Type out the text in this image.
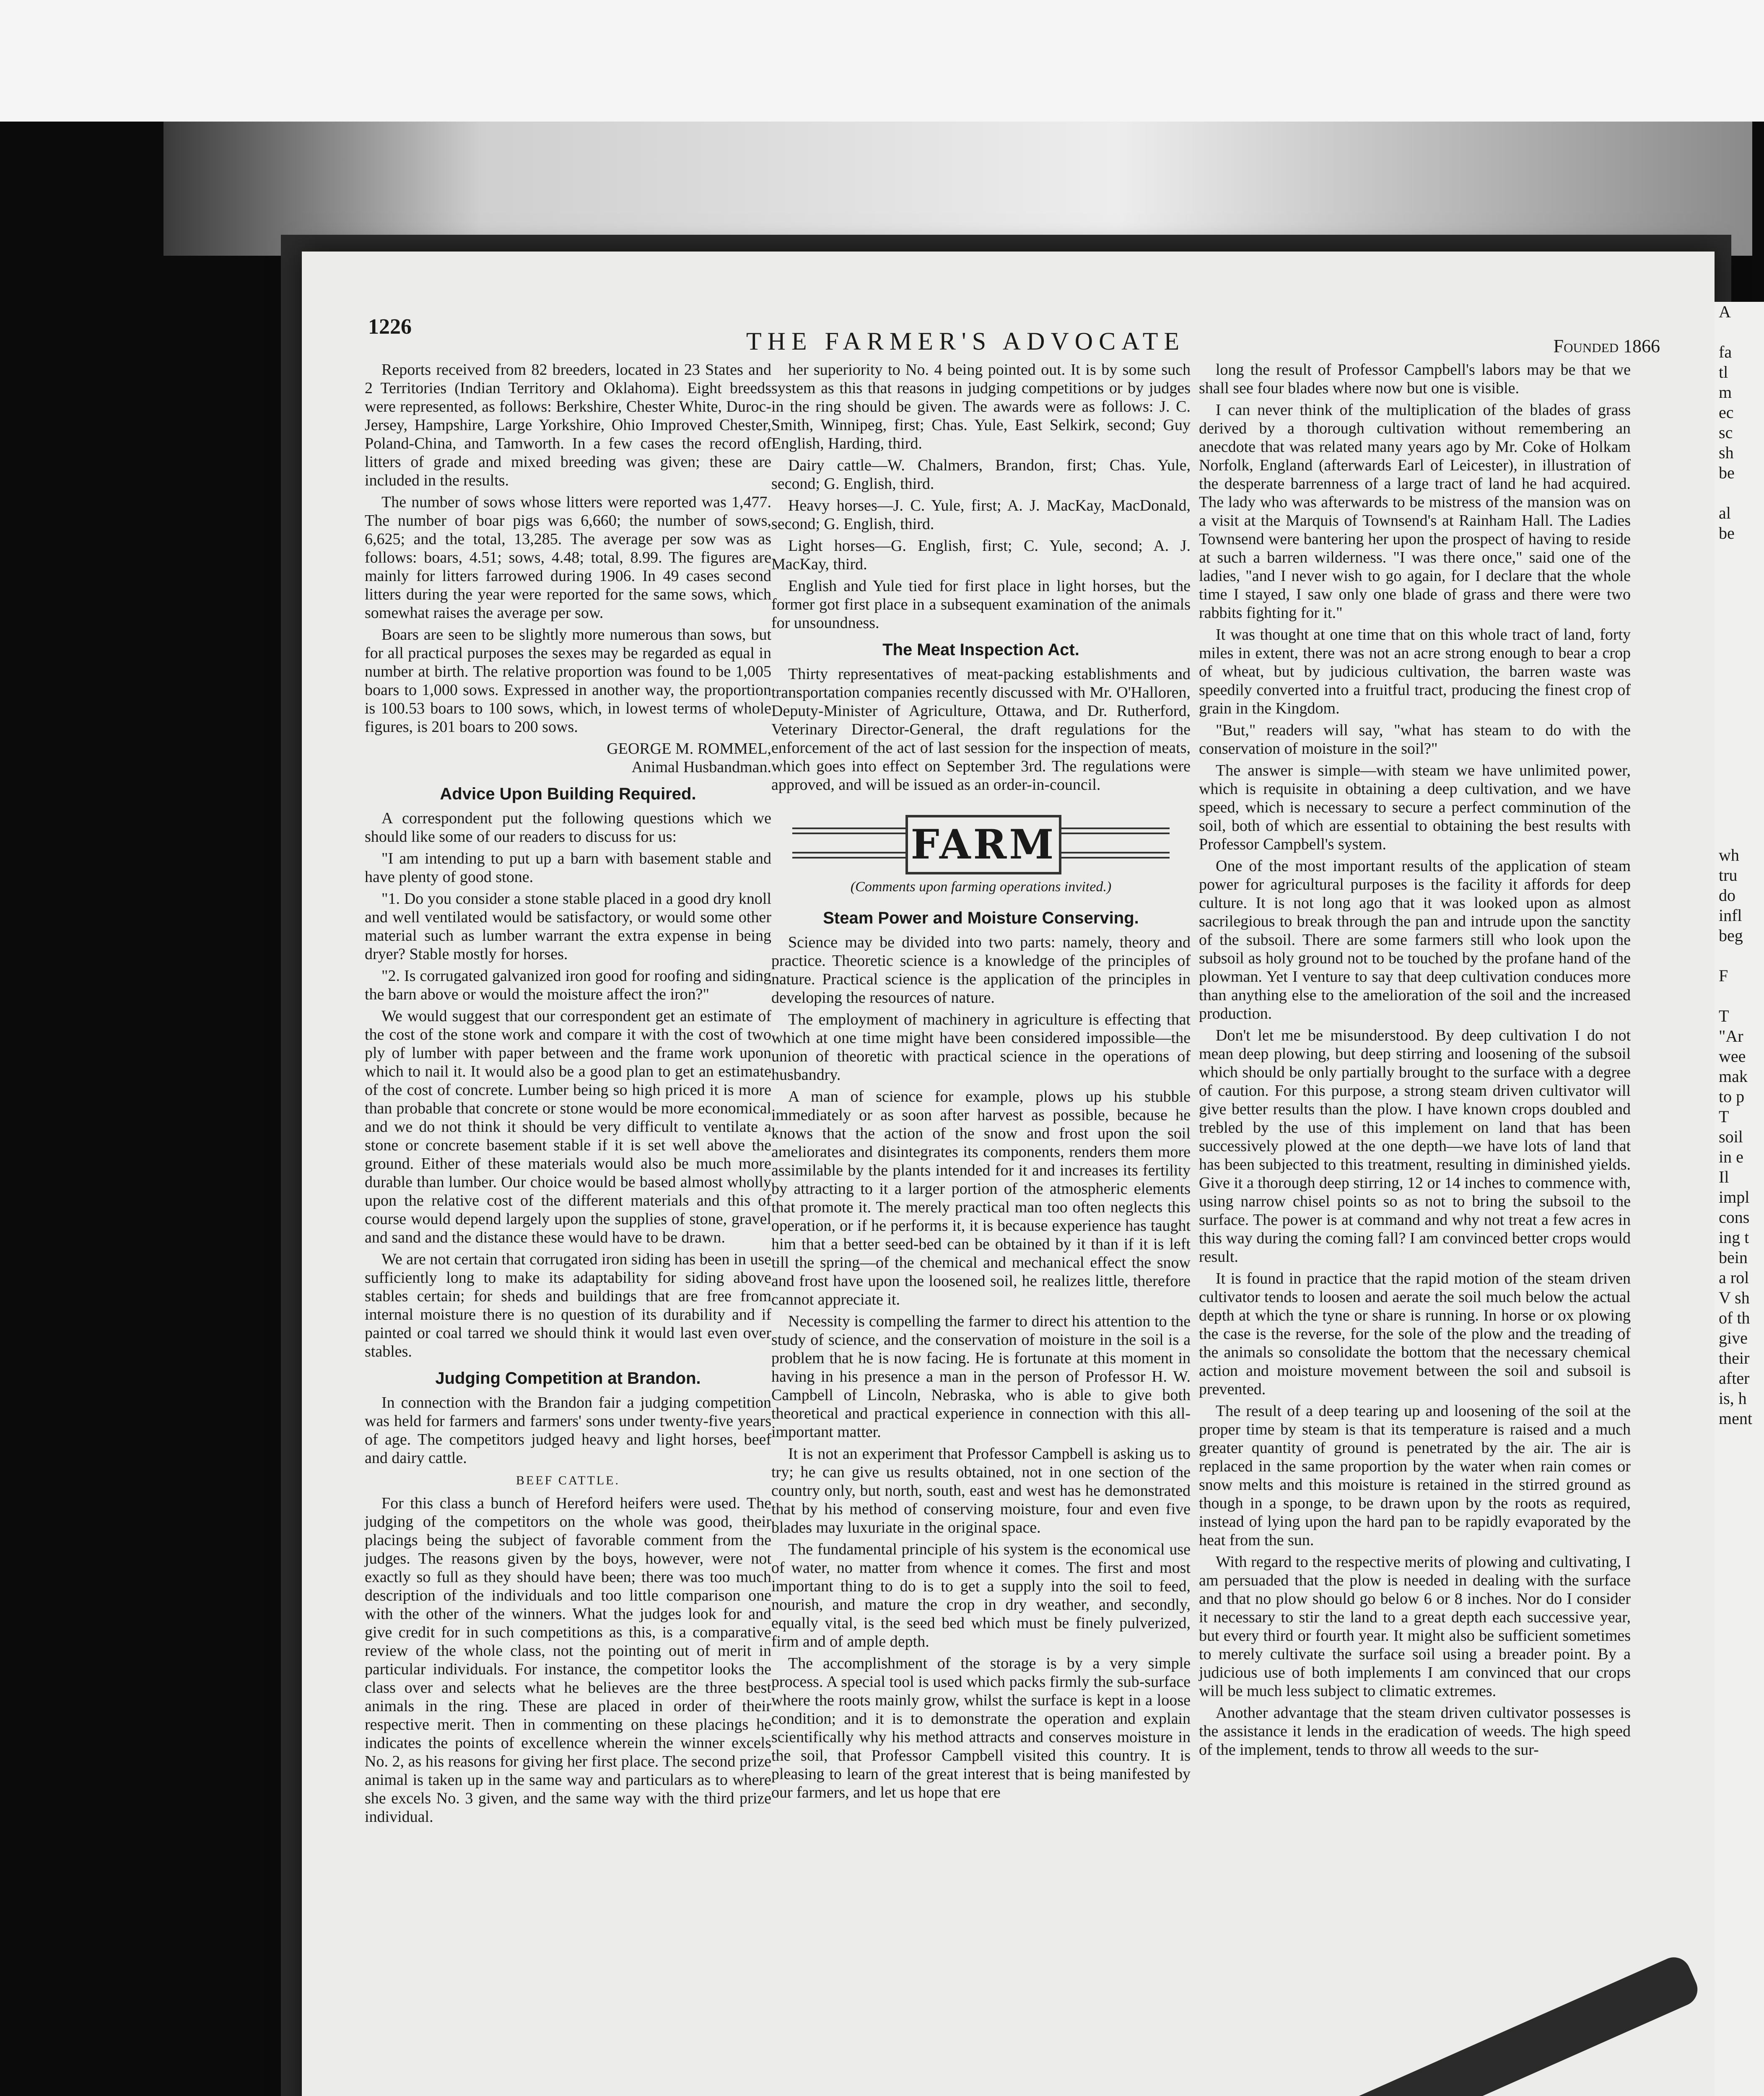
1226
THE FARMER'S ADVOCATE	Founded 1866

Reports received from 82 breeders, located in 23 States and 2 Territories (Indian Territory and Oklahoma). Eight breeds were represented, as follows: Berkshire, Chester White, Duroc-Jersey, Hampshire, Large Yorkshire, Ohio Improved Chester, Poland-China, and Tamworth. In a few cases the record of litters of grade and mixed breeding was given; these are included in the results.

The number of sows whose litters were reported was 1,477. The number of boar pigs was 6,660; the number of sows, 6,625; and the total, 13,285. The average per sow was as follows: boars, 4.51; sows, 4.48; total, 8.99. The figures are mainly for litters farrowed during 1906. In 49 cases second litters during the year were reported for the same sows, which somewhat raises the average per sow.

Boars are seen to be slightly more numerous than sows, but for all practical purposes the sexes may be regarded as equal in number at birth. The relative proportion was found to be 1,005 boars to 1,000 sows. Expressed in another way, the proportion is 100.53 boars to 100 sows, which, in lowest terms of whole figures, is 201 boars to 200 sows.

GEORGE M. ROMMEL,

Animal Husbandman.

Advice Upon Building Required.

A correspondent put the following questions which we should like some of our readers to discuss for us:

"I am intending to put up a barn with basement stable and have plenty of good stone.

"1. Do you consider a stone stable placed in a good dry knoll and well ventilated would be satisfactory, or would some other material such as lumber warrant the extra expense in being dryer? Stable mostly for horses.

"2. Is corrugated galvanized iron good for roofing and siding the barn above or would the moisture affect the iron?"

We would suggest that our correspondent get an estimate of the cost of the stone work and compare it with the cost of two ply of lumber with paper between and the frame work upon which to nail it. It would also be a good plan to get an estimate of the cost of concrete. Lumber being so high priced it is more than probable that concrete or stone would be more economical and we do not think it should be very difficult to ventilate a stone or concrete basement stable if it is set well above the ground. Either of these materials would also be much more durable than lumber. Our choice would be based almost wholly upon the relative cost of the different materials and this of course would depend largely upon the supplies of stone, gravel and sand and the distance these would have to be drawn.

We are not certain that corrugated iron siding has been in use sufficiently long to make its adaptability for siding above stables certain; for sheds and buildings that are free from internal moisture there is no question of its durability and if painted or coal tarred we should think it would last even over stables.

Judging Competition at Brandon.

In connection with the Brandon fair a judging competition was held for farmers and farmers' sons under twenty-five years of age. The competitors judged heavy and light horses, beef and dairy cattle.

BEEF CATTLE.

For this class a bunch of Hereford heifers were used. The judging of the competitors on the whole was good, their placings being the subject of favorable comment from the judges. The reasons given by the boys, however, were not exactly so full as they should have been; there was too much description of the individuals and too little comparison one with the other of the winners. What the judges look for and give credit for in such competitions as this, is a comparative review of the whole class, not the pointing out of merit in particular individuals. For instance, the competitor looks the class over and selects what he believes are the three best animals in the ring. These are placed in order of their respective merit. Then in commenting on these placings he indicates the points of excellence wherein the winner excels No. 2, as his reasons for giving her first place. The second prize animal is taken up in the same way and particulars as to where she excels No. 3 given, and the same way with the third prize individual.

her superiority to No. 4 being pointed out. It is by some such system as this that reasons in judging competitions or by judges in the ring should be given. The awards were as follows: J. C. Smith, Winnipeg, first; Chas. Yule, East Selkirk, second; Guy English, Harding, third.

Dairy cattle—W. Chalmers, Brandon, first; Chas. Yule, second; G. English, third.

Heavy horses—J. C. Yule, first; A. J. MacKay, MacDonald, second; G. English, third.

Light horses—G. English, first; C. Yule, second; A. J. MacKay, third.

English and Yule tied for first place in light horses, but the former got first place in a subsequent examination of the animals for unsoundness.

The Meat Inspection Act.

Thirty representatives of meat-packing establishments and transportation companies recently discussed with Mr. O'Halloren, Deputy-Minister of Agriculture, Ottawa, and Dr. Rutherford, Veterinary Director-General, the draft regulations for the enforcement of the act of last session for the inspection of meats, which goes into effect on September 3rd. The regulations were approved, and will be issued as an order-in-council.

FARM

(Comments upon farming operations invited.)

Steam Power and Moisture Conserving.

Science may be divided into two parts: namely, theory and practice. Theoretic science is a knowledge of the principles of nature. Practical science is the application of the principles in developing the resources of nature.

The employment of machinery in agriculture is effecting that which at one time might have been considered impossible—the union of theoretic with practical science in the operations of husbandry.

A man of science for example, plows up his stubble immediately or as soon after harvest as possible, because he knows that the action of the snow and frost upon the soil ameliorates and disintegrates its components, renders them more assimilable by the plants intended for it and increases its fertility by attracting to it a larger portion of the atmospheric elements that promote it. The merely practical man too often neglects this operation, or if he performs it, it is because experience has taught him that a better seed-bed can be obtained by it than if it is left till the spring—of the chemical and mechanical effect the snow and frost have upon the loosened soil, he realizes little, therefore cannot appreciate it.

Necessity is compelling the farmer to direct his attention to the study of science, and the conservation of moisture in the soil is a problem that he is now facing. He is fortunate at this moment in having in his presence a man in the person of Professor H. W. Campbell of Lincoln, Nebraska, who is able to give both theoretical and practical experience in connection with this all-important matter.

It is not an experiment that Professor Campbell is asking us to try; he can give us results obtained, not in one section of the country only, but north, south, east and west has he demonstrated that by his method of conserving moisture, four and even five blades may luxuriate in the original space.

The fundamental principle of his system is the economical use of water, no matter from whence it comes. The first and most important thing to do is to get a supply into the soil to feed, nourish, and mature the crop in dry weather, and secondly, equally vital, is the seed bed which must be finely pulverized, firm and of ample depth.

The accomplishment of the storage is by a very simple process. A special tool is used which packs firmly the sub-surface where the roots mainly grow, whilst the surface is kept in a loose condition; and it is to demonstrate the operation and explain scientifically why his method attracts and conserves moisture in the soil, that Professor Campbell visited this country. It is pleasing to learn of the great interest that is being manifested by our farmers, and let us hope that ere

long the result of Professor Campbell's labors may be that we shall see four blades where now but one is visible.

I can never think of the multiplication of the blades of grass derived by a thorough cultivation without remembering an anecdote that was related many years ago by Mr. Coke of Holkam Norfolk, England (afterwards Earl of Leicester), in illustration of the desperate barrenness of a large tract of land he had acquired. The lady who was afterwards to be mistress of the mansion was on a visit at the Marquis of Townsend's at Rainham Hall. The Ladies Townsend were bantering her upon the prospect of having to reside at such a barren wilderness. "I was there once," said one of the ladies, "and I never wish to go again, for I declare that the whole time I stayed, I saw only one blade of grass and there were two rabbits fighting for it."

It was thought at one time that on this whole tract of land, forty miles in extent, there was not an acre strong enough to bear a crop of wheat, but by judicious cultivation, the barren waste was speedily converted into a fruitful tract, producing the finest crop of grain in the Kingdom.

"But," readers will say, "what has steam to do with the conservation of moisture in the soil?"

The answer is simple—with steam we have unlimited power, which is requisite in obtaining a deep cultivation, and we have speed, which is necessary to secure a perfect comminution of the soil, both of which are essential to obtaining the best results with Professor Campbell's system.

One of the most important results of the application of steam power for agricultural purposes is the facility it affords for deep culture. It is not long ago that it was looked upon as almost sacrilegious to break through the pan and intrude upon the sanctity of the subsoil. There are some farmers still who look upon the subsoil as holy ground not to be touched by the profane hand of the plowman. Yet I venture to say that deep cultivation conduces more than anything else to the amelioration of the soil and the increased production.

Don't let me be misunderstood. By deep cultivation I do not mean deep plowing, but deep stirring and loosening of the subsoil which should be only partially brought to the surface with a degree of caution. For this purpose, a strong steam driven cultivator will give better results than the plow. I have known crops doubled and trebled by the use of this implement on land that has been successively plowed at the one depth—we have lots of land that has been subjected to this treatment, resulting in diminished yields. Give it a thorough deep stirring, 12 or 14 inches to commence with, using narrow chisel points so as not to bring the subsoil to the surface. The power is at command and why not treat a few acres in this way during the coming fall? I am convinced better crops would result.

It is found in practice that the rapid motion of the steam driven cultivator tends to loosen and aerate the soil much below the actual depth at which the tyne or share is running. In horse or ox plowing the case is the reverse, for the sole of the plow and the treading of the animals so consolidate the bottom that the necessary chemical action and moisture movement between the soil and subsoil is prevented.

The result of a deep tearing up and loosening of the soil at the proper time by steam is that its temperature is raised and a much greater quantity of ground is penetrated by the air. The air is replaced in the same proportion by the water when rain comes or snow melts and this moisture is retained in the stirred ground as though in a sponge, to be drawn upon by the roots as required, instead of lying upon the hard pan to be rapidly evaporated by the heat from the sun.

With regard to the respective merits of plowing and cultivating, I am persuaded that the plow is needed in dealing with the surface and that no plow should go below 6 or 8 inches. Nor do I consider it necessary to stir the land to a great depth each successive year, but every third or fourth year. It might also be sufficient sometimes to merely cultivate the surface soil using a breader point. By a judicious use of both implements I am convinced that our crops will be much less subject to climatic extremes.

Another advantage that the steam driven cultivator possesses is the assistance it lends in the eradication of weeds. The high speed of the implement, tends to throw all weeds to the sur-

A

fa
tl
m
ec
sc
sh
be

al
be

wh
tru
do
infl
beg

F

T
"Ar
wee
mak
to p
T
soil
in e
Il
impl
cons
ing t
bein
a rol
V sh
of th
give
their
after
is, h
ment
